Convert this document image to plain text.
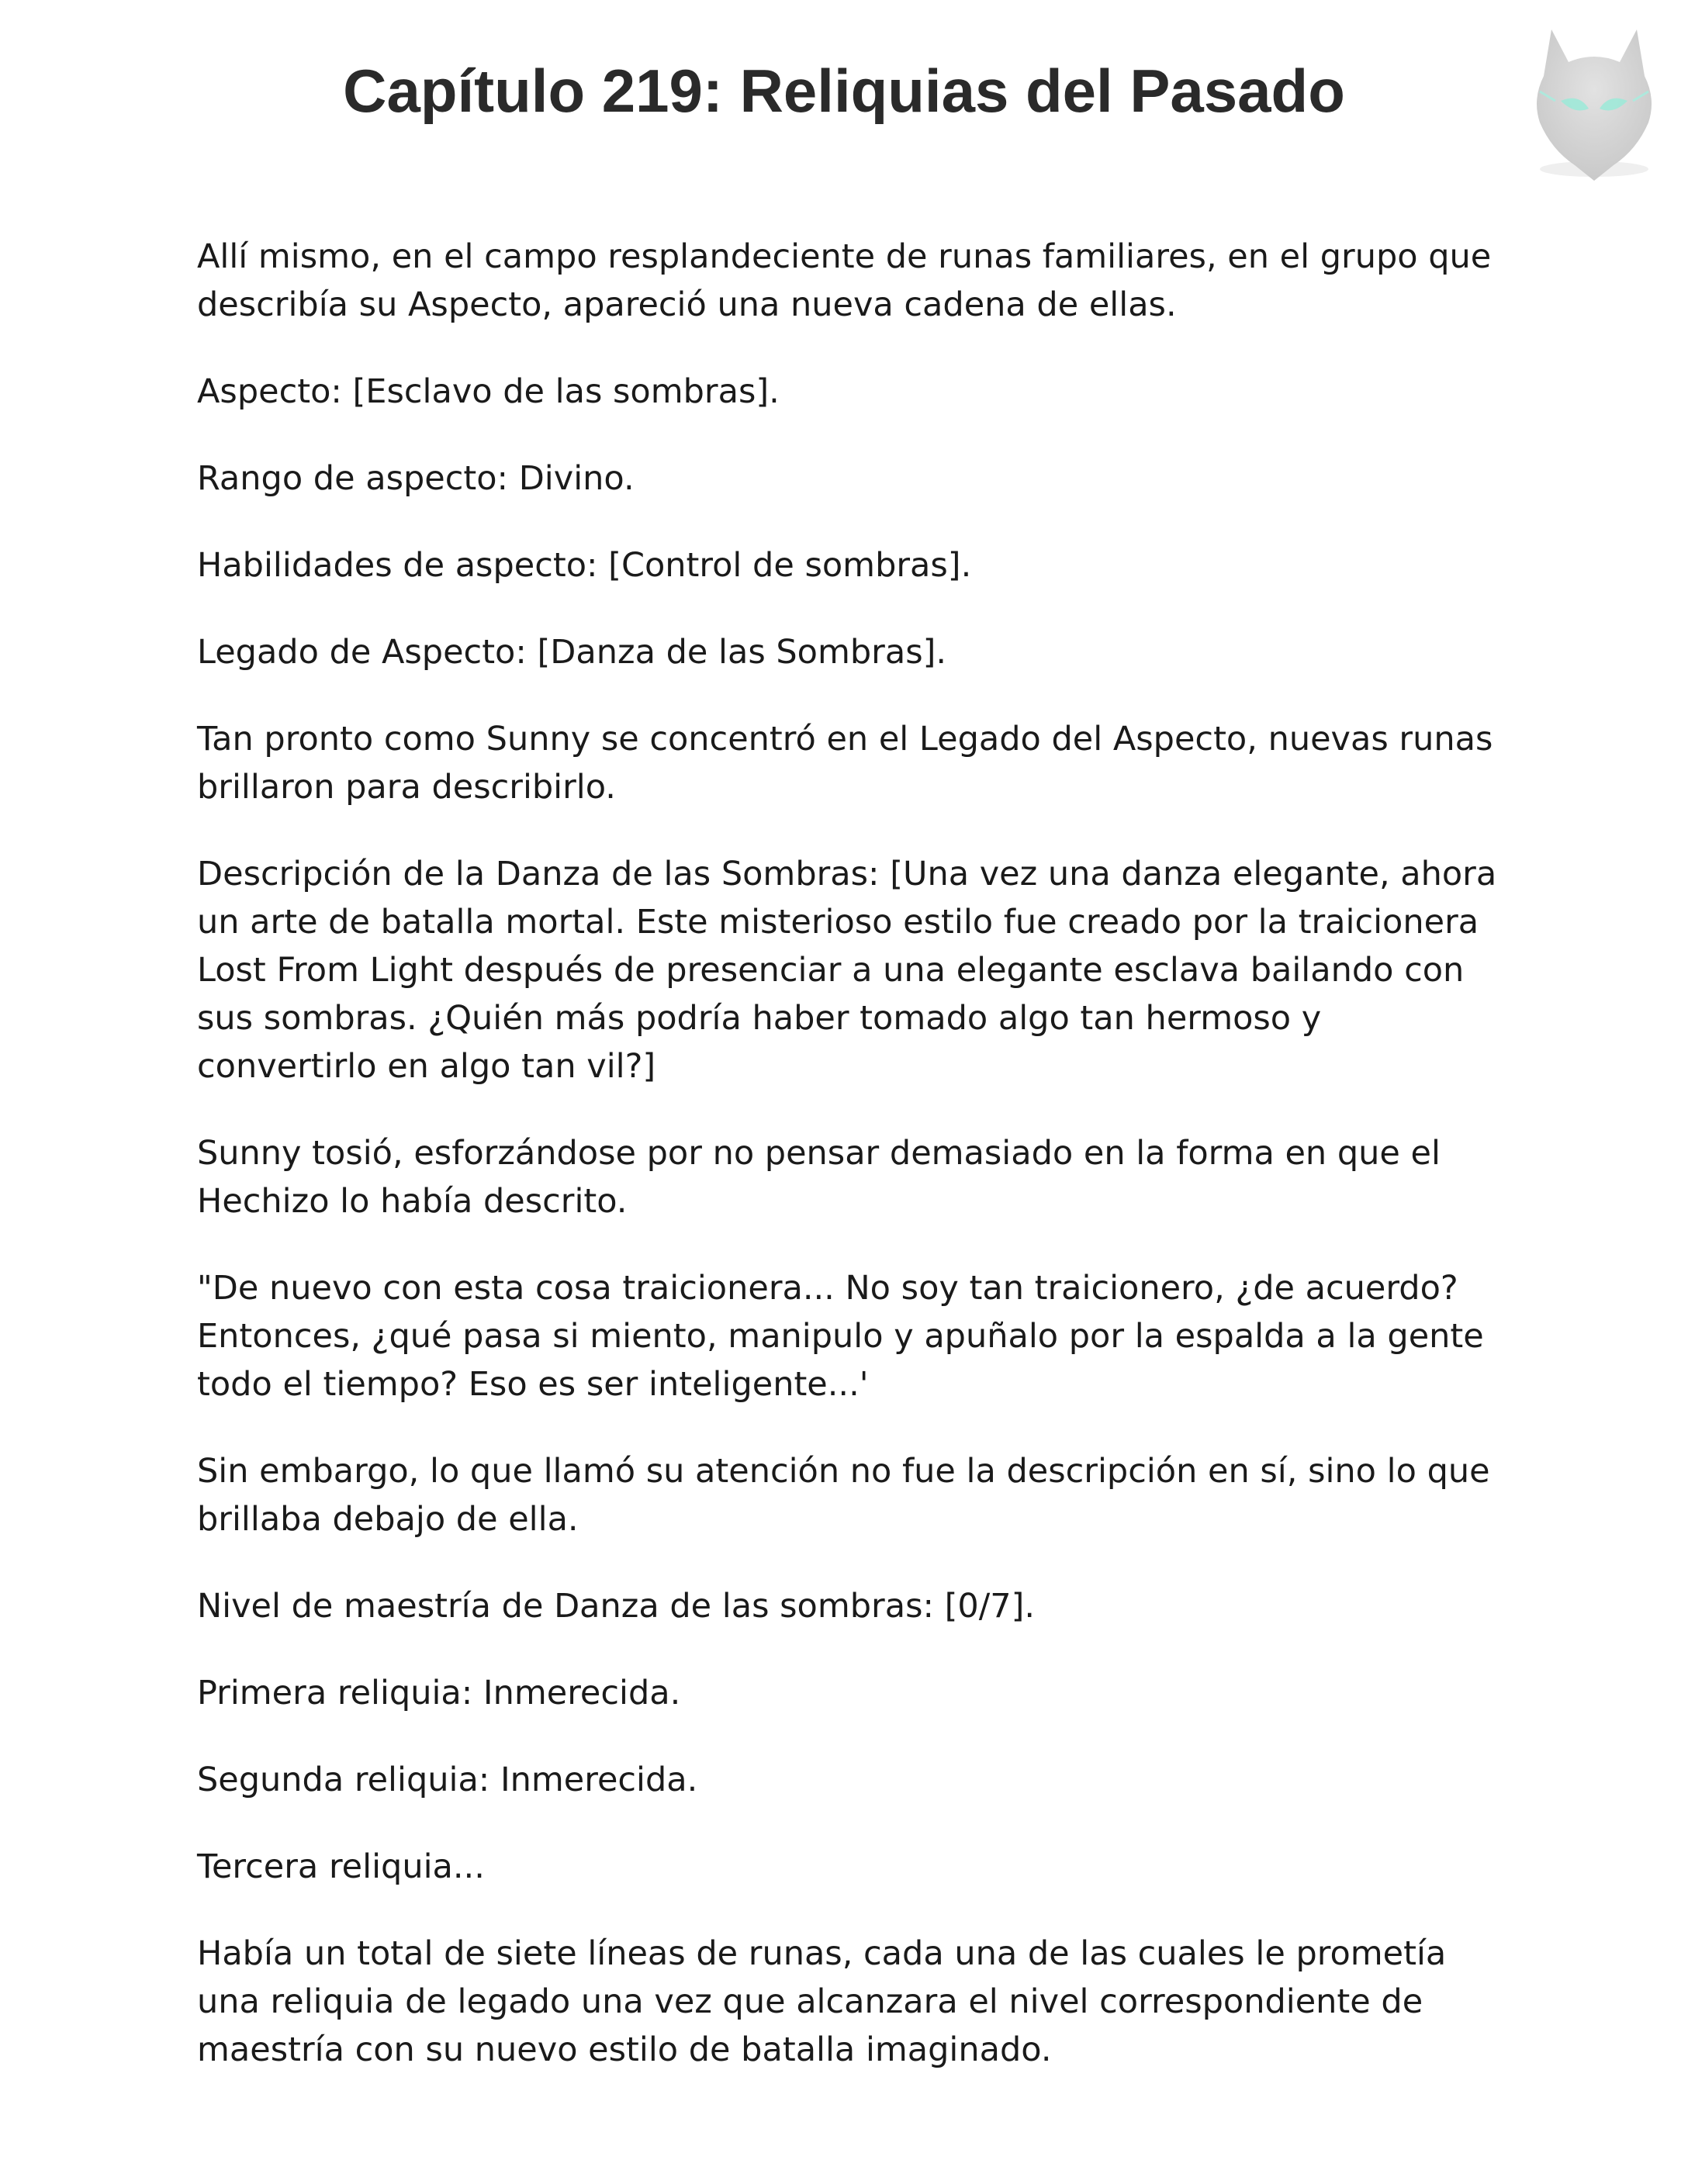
Capítulo 219: Reliquias del Pasado

Allí mismo, en el campo resplandeciente de runas familiares, en el grupo que describía su Aspecto, apareció una nueva cadena de ellas.

Aspecto: [Esclavo de las sombras].

Rango de aspecto: Divino.

Habilidades de aspecto: [Control de sombras].

Legado de Aspecto: [Danza de las Sombras].

Tan pronto como Sunny se concentró en el Legado del Aspecto, nuevas runas brillaron para describirlo.

Descripción de la Danza de las Sombras: [Una vez una danza elegante, ahora un arte de batalla mortal. Este misterioso estilo fue creado por la traicionera Lost From Light después de presenciar a una elegante esclava bailando con sus sombras. ¿Quién más podría haber tomado algo tan hermoso y convertirlo en algo tan vil?]

Sunny tosió, esforzándose por no pensar demasiado en la forma en que el Hechizo lo había descrito.

"De nuevo con esta cosa traicionera... No soy tan traicionero, ¿de acuerdo? Entonces, ¿qué pasa si miento, manipulo y apuñalo por la espalda a la gente todo el tiempo? Eso es ser inteligente...'

Sin embargo, lo que llamó su atención no fue la descripción en sí, sino lo que brillaba debajo de ella.

Nivel de maestría de Danza de las sombras: [0/7].

Primera reliquia: Inmerecida.

Segunda reliquia: Inmerecida.

Tercera reliquia...

Había un total de siete líneas de runas, cada una de las cuales le prometía una reliquia de legado una vez que alcanzara el nivel correspondiente de maestría con su nuevo estilo de batalla imaginado.
